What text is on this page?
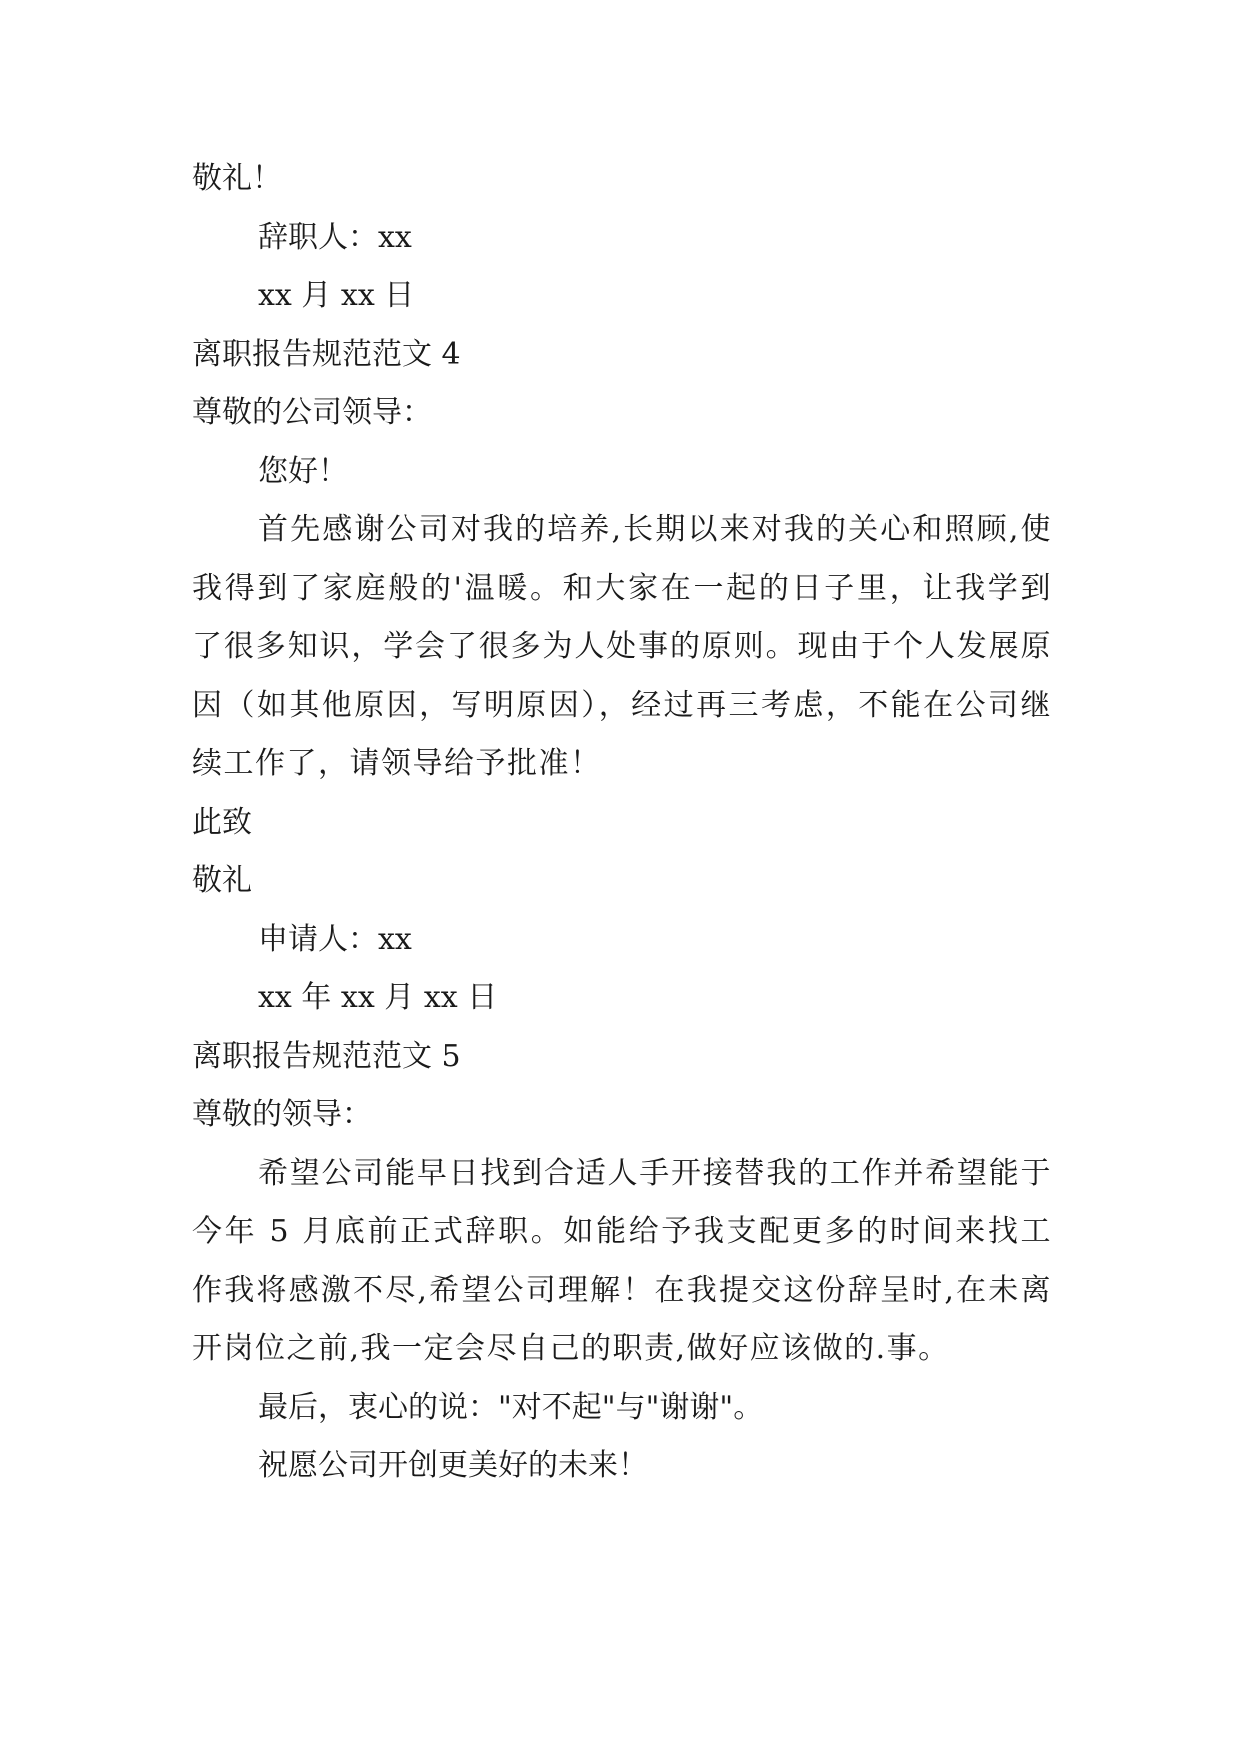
敬礼！

辞职人：xx

xx 月 xx 日

离职报告规范范文 4

尊敬的公司领导：

您好！

首先感谢公司对我的培养,长期以来对我的关心和照顾,使我得到了家庭般的'温暖。和大家在一起的日子里，让我学到了很多知识，学会了很多为人处事的原则。现由于个人发展原因（如其他原因，写明原因），经过再三考虑，不能在公司继续工作了，请领导给予批准！

此致

敬礼

申请人：xx

xx 年 xx 月 xx 日

离职报告规范范文 5

尊敬的领导：

希望公司能早日找到合适人手开接替我的工作并希望能于今年 5 月底前正式辞职。如能给予我支配更多的时间来找工作我将感激不尽,希望公司理解！在我提交这份辞呈时,在未离开岗位之前,我一定会尽自己的职责,做好应该做的.事。

最后，衷心的说："对不起"与"谢谢"。

祝愿公司开创更美好的未来！
